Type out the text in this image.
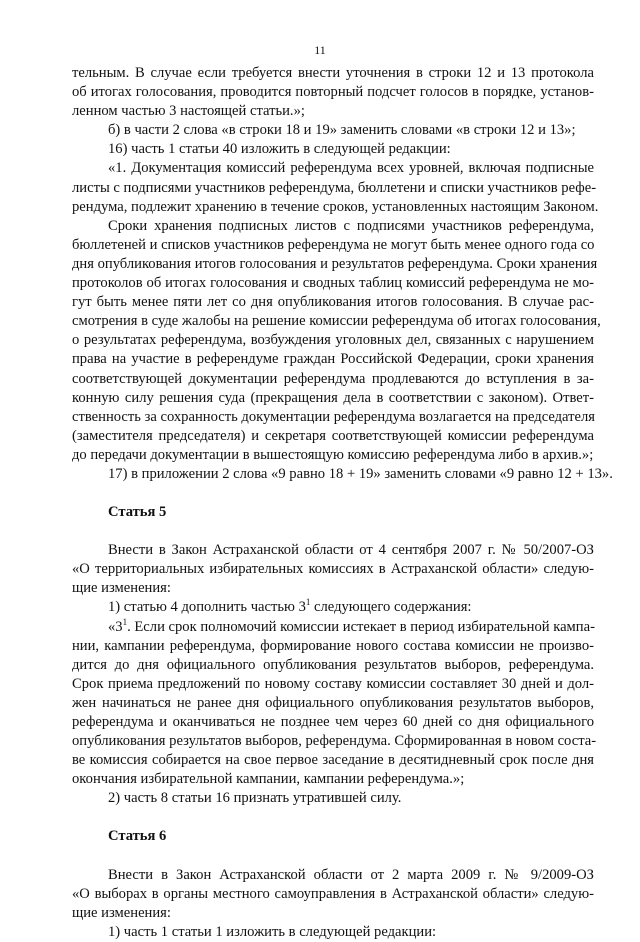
11
тельным. В случае если требуется внести уточнения в строки 12 и 13 протокола
об итогах голосования, проводится повторный подсчет голосов в порядке, установ-
ленном частью 3 настоящей статьи.»;
б) в части 2 слова «в строки 18 и 19» заменить словами «в строки 12 и 13»;
16) часть 1 статьи 40 изложить в следующей редакции:
«1. Документация комиссий референдума всех уровней, включая подписные
листы с подписями участников референдума, бюллетени и списки участников рефе-
рендума, подлежит хранению в течение сроков, установленных настоящим Законом.
Сроки хранения подписных листов с подписями участников референдума,
бюллетеней и списков участников референдума не могут быть менее одного года со
дня опубликования итогов голосования и результатов референдума. Сроки хранения
протоколов об итогах голосования и сводных таблиц комиссий референдума не мо-
гут быть менее пяти лет со дня опубликования итогов голосования. В случае рас-
смотрения в суде жалобы на решение комиссии референдума об итогах голосования,
о результатах референдума, возбуждения уголовных дел, связанных с нарушением
права на участие в референдуме граждан Российской Федерации, сроки хранения
соответствующей документации референдума продлеваются до вступления в за-
конную силу решения суда (прекращения дела в соответствии с законом). Ответ-
ственность за сохранность документации референдума возлагается на председателя
(заместителя председателя) и секретаря соответствующей комиссии референдума
до передачи документации в вышестоящую комиссию референдума либо в архив.»;
17) в приложении 2 слова «9 равно 18 + 19» заменить словами «9 равно 12 + 13».
Статья 5
Внести в Закон Астраханской области от 4 сентября 2007 г. № 50/2007-ОЗ
«О территориальных избирательных комиссиях в Астраханской области» следую-
щие изменения:
1) статью 4 дополнить частью $3^1$ следующего содержания:
«$3^1$. Если срок полномочий комиссии истекает в период избирательной кампа-
нии, кампании референдума, формирование нового состава комиссии не произво-
дится до дня официального опубликования результатов выборов, референдума.
Срок приема предложений по новому составу комиссии составляет 30 дней и дол-
жен начинаться не ранее дня официального опубликования результатов выборов,
референдума и оканчиваться не позднее чем через 60 дней со дня официального
опубликования результатов выборов, референдума. Сформированная в новом соста-
ве комиссия собирается на свое первое заседание в десятидневный срок после дня
окончания избирательной кампании, кампании референдума.»;
2) часть 8 статьи 16 признать утратившей силу.
Статья 6
Внести в Закон Астраханской области от 2 марта 2009 г. № 9/2009-ОЗ
«О выборах в органы местного самоуправления в Астраханской области» следую-
щие изменения:
1) часть 1 статьи 1 изложить в следующей редакции:
